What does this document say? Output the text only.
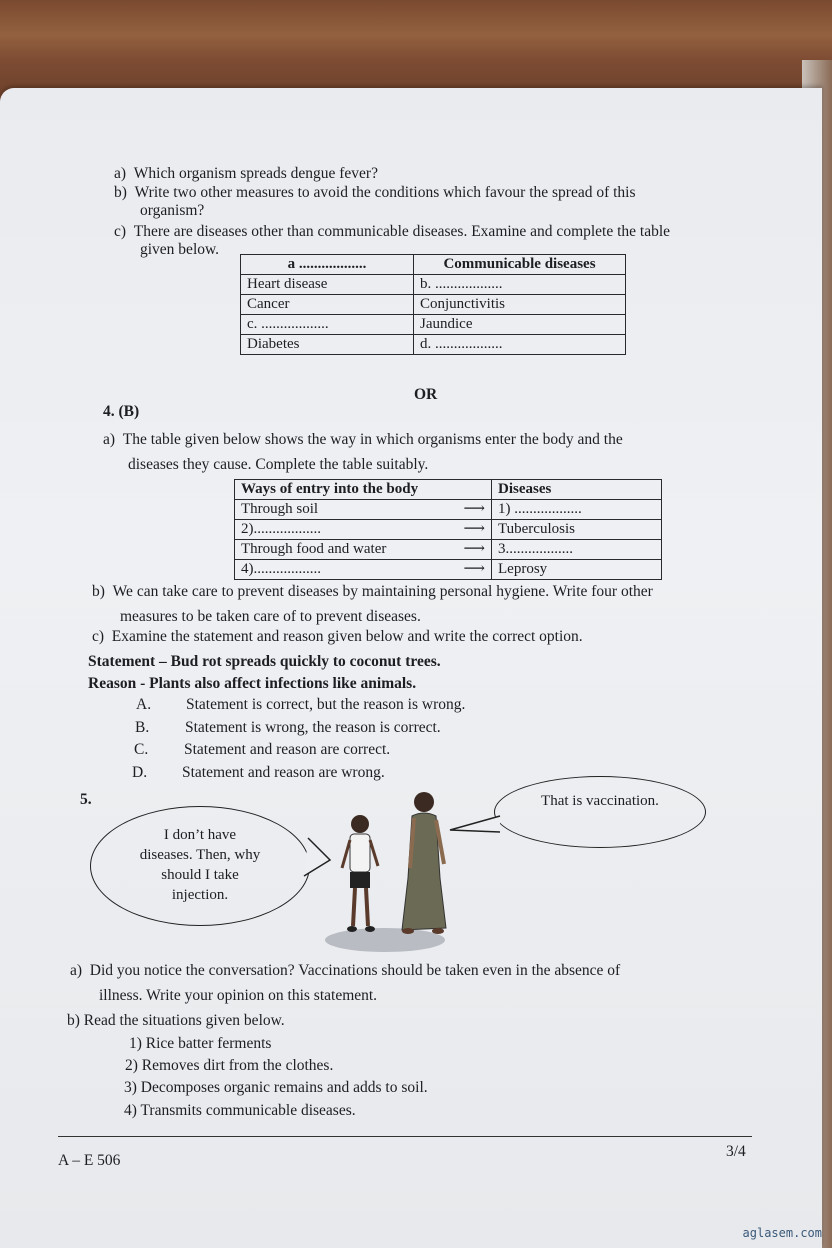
a) Which organism spreads dengue fever?
b) Write two other measures to avoid the conditions which favour the spread of this
organism?
c) There are diseases other than communicable diseases. Examine and complete the table
given below.
a ..................	Communicable diseases
Heart disease	b. ..................
Cancer	Conjunctivitis
c. ..................	Jaundice
Diabetes	d. ..................
OR
4. (B)
a) The table given below shows the way in which organisms enter the body and the
diseases they cause. Complete the table suitably.
Ways of entry into the body	Diseases
Through soil ⟶	1) ..................
2).................. ⟶	Tuberculosis
Through food and water ⟶	3..................
4).................. ⟶	Leprosy
b) We can take care to prevent diseases by maintaining personal hygiene. Write four other
measures to be taken care of to prevent diseases.
c) Examine the statement and reason given below and write the correct option.
Statement – Bud rot spreads quickly to coconut trees.
Reason - Plants also affect infections like animals.
A. Statement is correct, but the reason is wrong.
B. Statement is wrong, the reason is correct.
C. Statement and reason are correct.
D. Statement and reason are wrong.
5.
I don’t have
diseases. Then, why
should I take
injection.
That is vaccination.
a) Did you notice the conversation? Vaccinations should be taken even in the absence of
illness. Write your opinion on this statement.
b) Read the situations given below.
1) Rice batter ferments
2) Removes dirt from the clothes.
3) Decomposes organic remains and adds to soil.
4) Transmits communicable diseases.
A – E 506
3/4
aglasem.com
